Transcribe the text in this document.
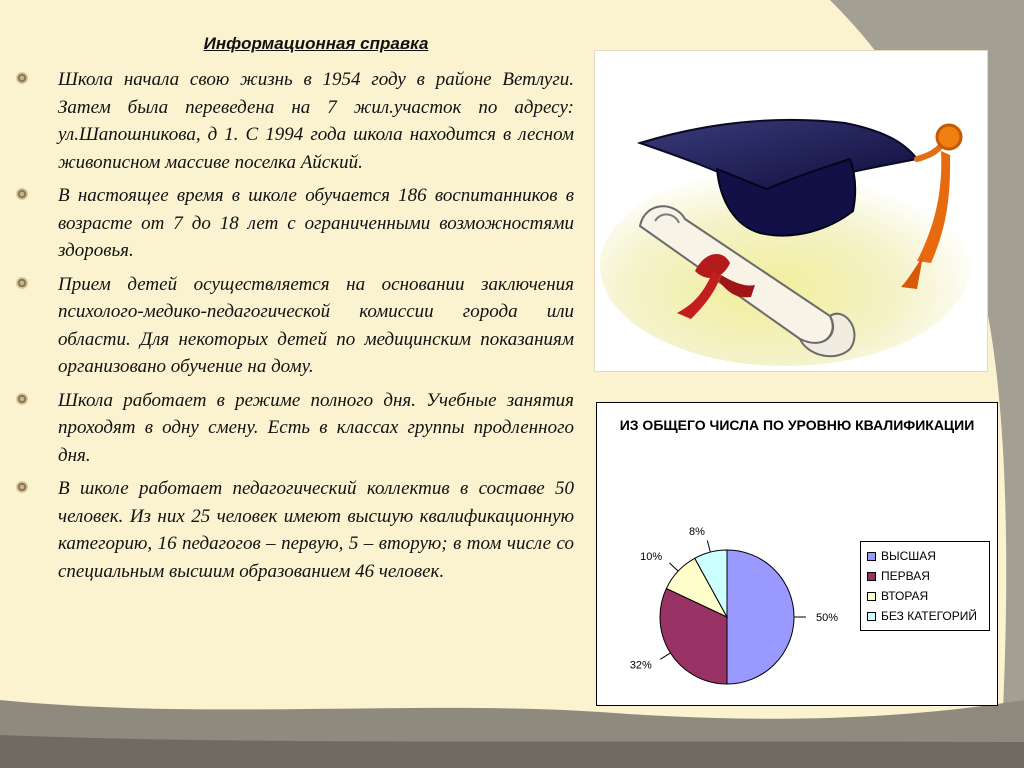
Информационная справка
Школа начала свою жизнь в 1954 году в районе Ветлуги. Затем была переведена на 7 жил.участок по адресу: ул.Шапошникова, д 1. С 1994 года школа находится в лесном живописном массиве поселка Айский.
В настоящее время в школе обучается 186 воспитанников в возрасте от 7 до 18 лет с ограниченными возможностями здоровья.
Прием детей осуществляется на основании заключения психолого-медико-педагогической комиссии города или области. Для некоторых детей по медицинским показаниям организовано обучение на дому.
Школа работает в режиме полного дня. Учебные занятия проходят в одну смену. Есть в классах группы продленного дня.
В школе работает педагогический коллектив в составе 50 человек. Из них 25 человек имеют высшую квалификационную категорию, 16 педагогов – первую, 5 – вторую; в том числе со специальным высшим образованием 46 человек.
ИЗ ОБЩЕГО ЧИСЛА ПО УРОВНЮ КВАЛИФИКАЦИИ
50%
32%
10%
8%
ВЫСШАЯ
ПЕРВАЯ
ВТОРАЯ
БЕЗ КАТЕГОРИЙ
